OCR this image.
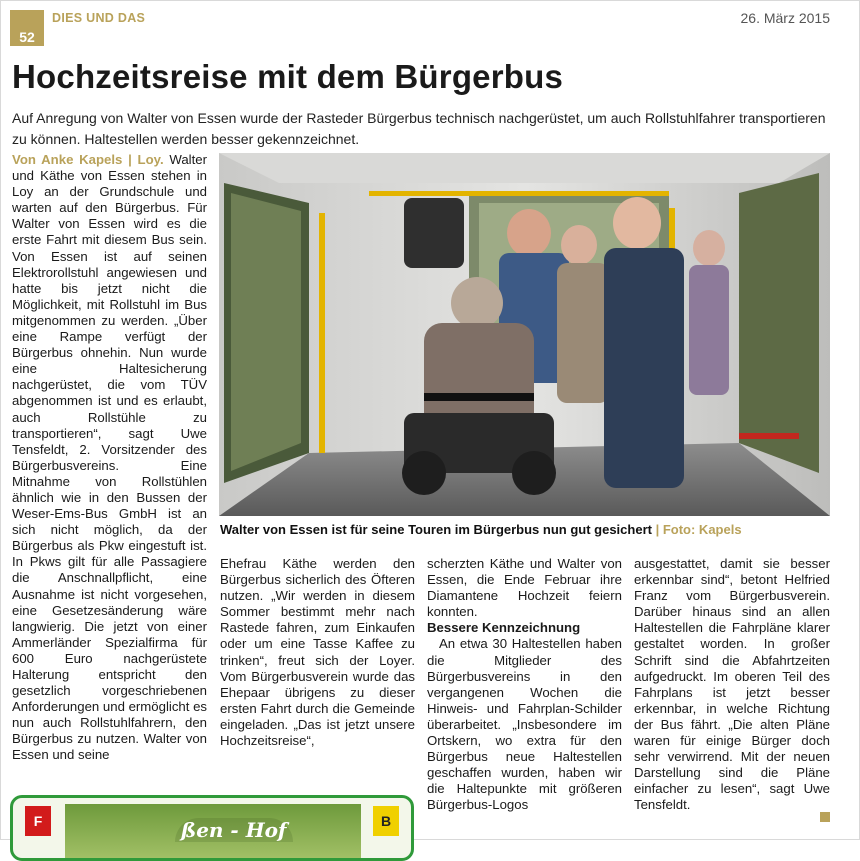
52
DIES UND DAS	26. März 2015
Hochzeitsreise mit dem Bürgerbus

Auf Anregung von Walter von Essen wurde der Rasteder Bürgerbus technisch nachgerüstet, um auch Rollstuhlfahrer transportieren zu können. Haltestellen werden besser gekennzeichnet.

Von Anke Kapels | Loy. Walter und Käthe von Essen stehen in Loy an der Grundschule und warten auf den Bürgerbus. Für Walter von Essen wird es die erste Fahrt mit diesem Bus sein. Von Essen ist auf seinen Elektrorollstuhl angewiesen und hatte bis jetzt nicht die Möglichkeit, mit Rollstuhl im Bus mitgenommen zu werden. „Über eine Rampe verfügt der Bürgerbus ohnehin. Nun wurde eine Haltesicherung nachgerüstet, die vom TÜV abgenommen ist und es erlaubt, auch Rollstühle zu transportieren“, sagt Uwe Tensfeldt, 2. Vorsitzender des Bürgerbusvereins. Eine Mitnahme von Rollstühlen ähnlich wie in den Bussen der Weser-Ems-Bus GmbH ist an sich nicht möglich, da der Bürgerbus als Pkw eingestuft ist. In Pkws gilt für alle Passagiere die Anschnallpflicht, eine Ausnahme ist nicht vorgesehen, eine Gesetzesänderung wäre langwierig. Die jetzt von einer Ammerländer Spezialfirma für 600 Euro nachgerüstete Halterung entspricht den gesetzlich vorgeschriebenen Anforderungen und ermöglicht es nun auch Rollstuhlfahrern, den Bürgerbus zu nutzen. Walter von Essen und seine

Walter von Essen ist für seine Touren im Bürgerbus nun gut gesichert | Foto: Kapels

Ehefrau Käthe werden den Bürgerbus sicherlich des Öfteren nutzen. „Wir werden in diesem Sommer bestimmt mehr nach Rastede fahren, zum Einkaufen oder um eine Tasse Kaffee zu trinken“, freut sich der Loyer. Vom Bürgerbusverein wurde das Ehepaar übrigens zu dieser ersten Fahrt durch die Gemeinde eingeladen. „Das ist jetzt unsere Hochzeitsreise“,

scherzten Käthe und Walter von Essen, die Ende Februar ihre Diamantene Hochzeit feiern konnten.

Bessere Kennzeichnung

An etwa 30 Haltestellen haben die Mitglieder des Bürgerbusvereins in den vergangenen Wochen die Hinweis- und Fahrplan-Schilder überarbeitet. „Insbesondere im Ortskern, wo extra für den Bürgerbus neue Haltestellen geschaffen wurden, haben wir die Haltepunkte mit größeren Bürgerbus-Logos

ausgestattet, damit sie besser erkennbar sind“, betont Helfried Franz vom Bürgerbusverein. Darüber hinaus sind an allen Haltestellen die Fahrpläne klarer gestaltet worden. In großer Schrift sind die Abfahrtzeiten aufgedruckt. Im oberen Teil des Fahrplans ist jetzt besser erkennbar, in welche Richtung der Bus fährt. „Die alten Pläne waren für einige Bürger doch sehr verwirrend. Mit der neuen Darstellung sind die Pläne einfacher zu lesen“, sagt Uwe Tensfeldt.

F	ßen - Hof	B
